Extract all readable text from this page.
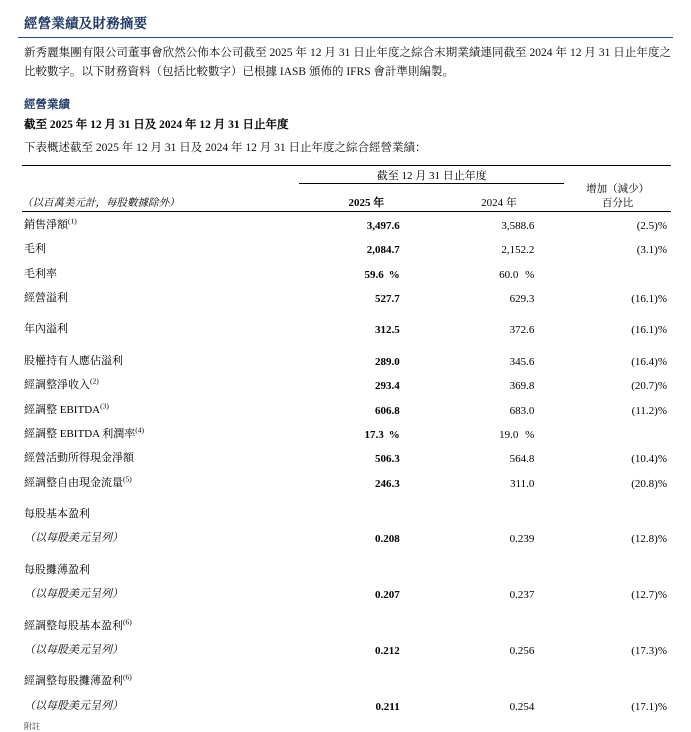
經營業績及財務摘要
新秀麗集團有限公司董事會欣然公佈本公司截至 2025 年 12 月 31 日止年度之綜合末期業績連同截至 2024 年 12 月 31 日止年度之比較數字。以下財務資料（包括比較數字）已根據 IASB 頒佈的 IFRS 會計準則編製。
經營業績
截至 2025 年 12 月 31 日及 2024 年 12 月 31 日止年度
下表概述截至 2025 年 12 月 31 日及 2024 年 12 月 31 日止年度之綜合經營業績：

	截至 12 月 31 日止年度		
（以百萬美元計，每股數據除外）	2025 年	2024 年	增加（減少）
百分比

銷售淨額$^{(1)}$	3,497.6	3,588.6	(2.5)%
毛利	2,084.7	2,152.2	(3.1)%
毛利率	59.6 %	60.0 %	
經營溢利	527.7	629.3	(16.1)%

年內溢利	312.5	372.6	(16.1)%

股權持有人應佔溢利	289.0	345.6	(16.4)%
經調整淨收入$^{(2)}$	293.4	369.8	(20.7)%
經調整 EBITDA$^{(3)}$	606.8	683.0	(11.2)%
經調整 EBITDA 利潤率$^{(4)}$	17.3 %	19.0 %	
經營活動所得現金淨額	506.3	564.8	(10.4)%
經調整自由現金流量$^{(5)}$	246.3	311.0	(20.8)%

每股基本盈利			
（以每股美元呈列）	0.208	0.239	(12.8)%

每股攤薄盈利			
（以每股美元呈列）	0.207	0.237	(12.7)%

經調整每股基本盈利$^{(6)}$			
（以每股美元呈列）	0.212	0.256	(17.3)%

經調整每股攤薄盈利$^{(6)}$			
（以每股美元呈列）	0.211	0.254	(17.1)%
附註
